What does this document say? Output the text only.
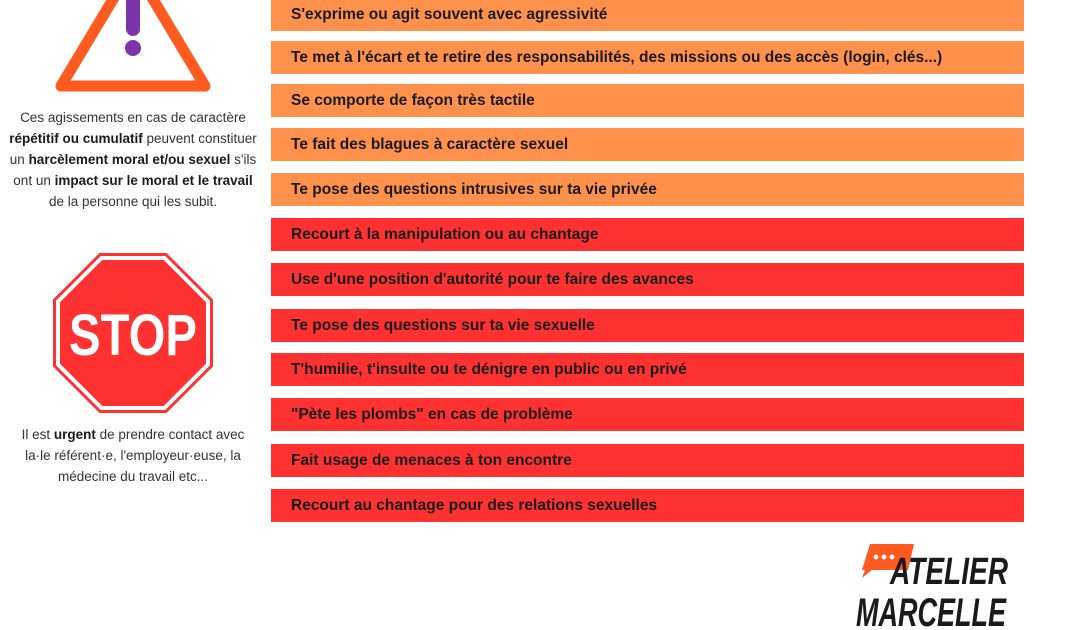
Ces agissements en cas de caractère répétitif ou cumulatif peuvent constituer un harcèlement moral et/ou sexuel s'ils ont un impact sur le moral et le travail de la personne qui les subit.
STOP
Il est urgent de prendre contact avec la·le référent·e, l'employeur·euse, la médecine du travail etc...
S'exprime ou agit souvent avec agressivité
Te met à l'écart et te retire des responsabilités, des missions ou des accès (login, clés...)
Se comporte de façon très tactile
Te fait des blagues à caractère sexuel
Te pose des questions intrusives sur ta vie privée
Recourt à la manipulation ou au chantage
Use d'une position d'autorité pour te faire des avances
Te pose des questions sur ta vie sexuelle
T'humilie, t'insulte ou te dénigre en public ou en privé
"Pète les plombs" en cas de problème
Fait usage de menaces à ton encontre
Recourt au chantage pour des relations sexuelles
ATELIER
MARCELLE
